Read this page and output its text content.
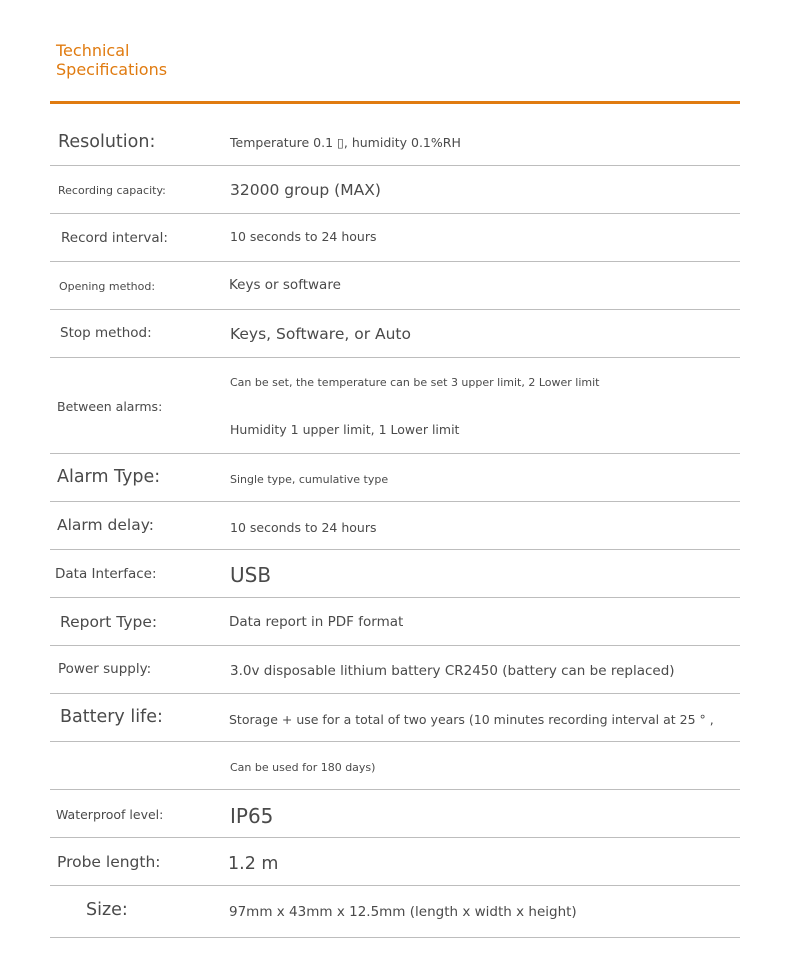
Technical Specifications
Resolution:	Temperature 0.1 ▯, humidity 0.1%RH
Recording capacity:	32000 group (MAX)
Record interval:	10 seconds to 24 hours
Opening method:	Keys or software
Stop method:	Keys, Software, or Auto
Between alarms:
Can be set, the temperature can be set 3 upper limit, 2 Lower limit
Humidity 1 upper limit, 1 Lower limit
Alarm Type:	Single type, cumulative type
Alarm delay:	10 seconds to 24 hours
Data Interface:	USB
Report Type:	Data report in PDF format
Power supply:	3.0v disposable lithium battery CR2450 (battery can be replaced)
Battery life:	Storage + use for a total of two years (10 minutes recording interval at 25 ° ,
Can be used for 180 days)
Waterproof level:	IP65
Probe length:	1.2 m
Size:	97mm x 43mm x 12.5mm (length x width x height)
